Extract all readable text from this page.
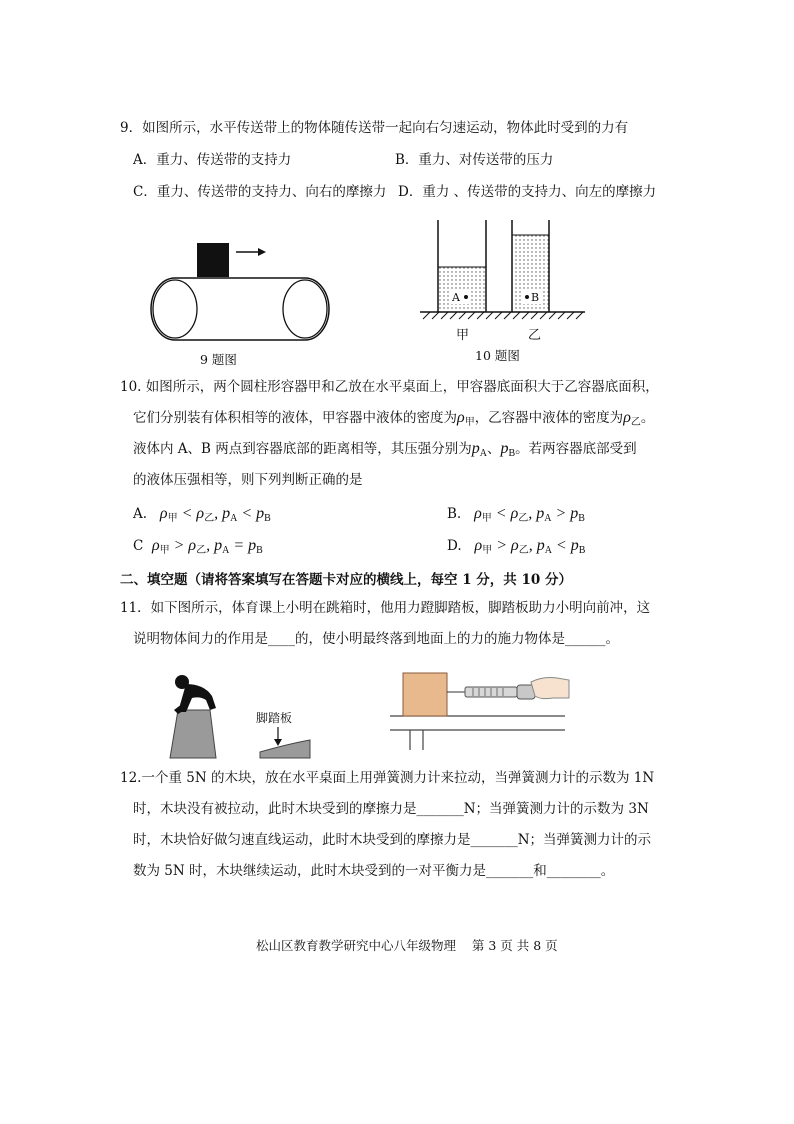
9．如图所示，水平传送带上的物体随传送带一起向右匀速运动，物体此时受到的力有
A．重力、传送带的支持力	B．重力、对传送带的压力
C．重力、传送带的支持力、向右的摩擦力 D．重力 、传送带的支持力、向左的摩擦力
9 题图
A	B
甲	乙
10 题图
10. 如图所示，两个圆柱形容器甲和乙放在水平桌面上，甲容器底面积大于乙容器底面积，
它们分别装有体积相等的液体，甲容器中液体的密度为$\rho_甲$，乙容器中液体的密度为$\rho_乙$。
液体内 A、B 两点到容器底部的距离相等，其压强分别为$p_A$、$p_B$。若两容器底部受到
的液体压强相等，则下列判断正确的是
A. $\rho_甲 < \rho_乙$, $p_A < p_B$	B. $\rho_甲 < \rho_乙$, $p_A > p_B$
C $\rho_甲 > \rho_乙$, $p_A = p_B$	D. $\rho_甲 > \rho_乙$, $p_A < p_B$
二、填空题（请将答案填写在答题卡对应的横线上，每空 1 分，共 10 分）
11．如下图所示，体育课上小明在跳箱时，他用力蹬脚踏板，脚踏板助力小明向前冲，这
说明物体间力的作用是____的，使小明最终落到地面上的力的施力物体是______。
脚踏板
12.一个重 5N 的木块，放在水平桌面上用弹簧测力计来拉动，当弹簧测力计的示数为 1N
时，木块没有被拉动，此时木块受到的摩擦力是_______N；当弹簧测力计的示数为 3N
时，木块恰好做匀速直线运动，此时木块受到的摩擦力是_______N；当弹簧测力计的示
数为 5N 时，木块继续运动，此时木块受到的一对平衡力是_______和________。
松山区教育教学研究中心八年级物理    第 3 页 共 8 页
